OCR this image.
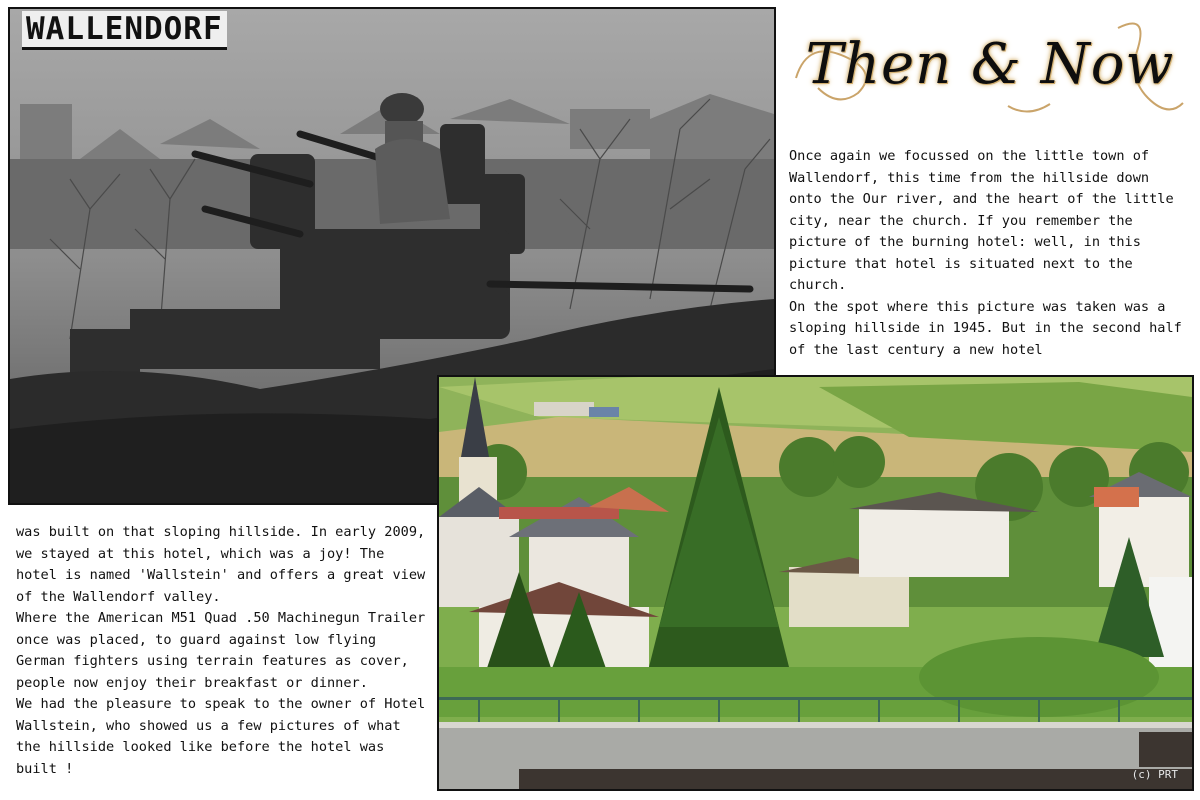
WALLENDORF
Then & Now

Once again we focussed on the little town of Wallendorf, this time from the hillside down onto the Our river, and the heart of the little city, near the church. If you remember the picture of the burning hotel: well, in this picture that hotel is situated next to the church.

On the spot where this picture was taken was a sloping hillside in 1945. But in the second half of the last century a new hotel

was built on that sloping hillside. In early 2009, we stayed at this hotel, which was a joy! The hotel is named 'Wallstein' and offers a great view of the Wallendorf valley.

Where the American M51 Quad .50 Machinegun Trailer once was placed, to guard against low flying German fighters using terrain features as cover, people now enjoy their breakfast or dinner.

We had the pleasure to speak to the owner of Hotel Wallstein, who showed us a few pictures of what the hillside looked like before the hotel was built !	(c) PRT
